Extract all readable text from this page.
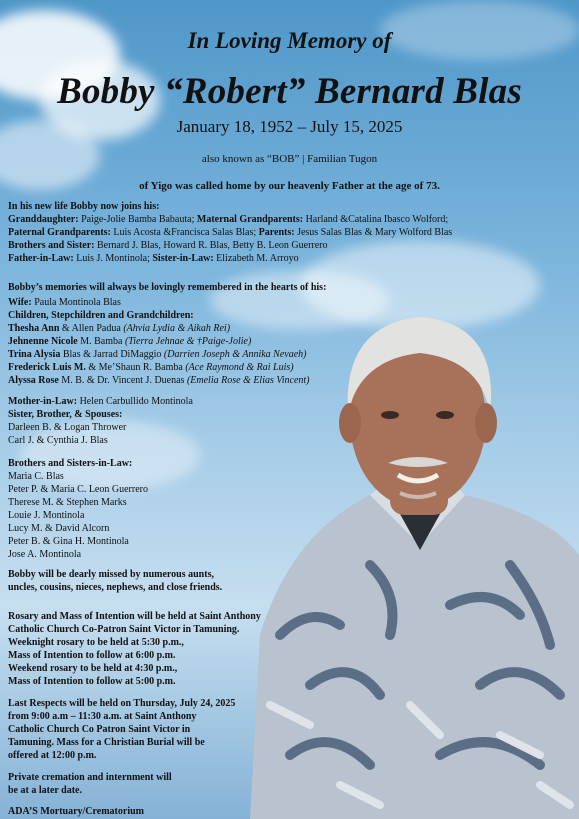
In Loving Memory of
Bobby “Robert” Bernard Blas
January 18, 1952 – July 15, 2025
also known as “BOB” | Familian Tugon
of Yigo was called home by our heavenly Father at the age of 73.
In his new life Bobby now joins his:
Granddaughter: Paige-Jolie Bamba Babauta; Maternal Grandparents: Harland &Catalina Ibasco Wolford;
Paternal Grandparents: Luis Acosta &Francisca Salas Blas; Parents: Jesus Salas Blas & Mary Wolford Blas
Brothers and Sister: Bernard J. Blas, Howard R. Blas, Betty B. Leon Guerrero
Father-in-Law: Luis J. Montinola; Sister-in-Law: Elizabeth M. Arroyo
Bobby’s memories will always be lovingly remembered in the hearts of his:
Wife: Paula Montinola Blas
Children, Stepchildren and Grandchildren:
Thesha Ann & Allen Padua (Ahvia Lydia & Aikah Rei)
Jehnenne Nicole M. Bamba (Tierra Jehnae & †Paige-Jolie)
Trina Alysia Blas & Jarrad DiMaggio (Darrien Joseph & Annika Nevaeh)
Frederick Luis M. & Me’Shaun R. Bamba (Ace Raymond & Rai Luis)
Alyssa Rose M. B. & Dr. Vincent J. Duenas (Emelia Rose & Elias Vincent)
Mother-in-Law: Helen Carbullido Montinola
Sister, Brother, & Spouses:
Darleen B. & Logan Thrower
Carl J. & Cynthia J. Blas
Brothers and Sisters-in-Law:
Maria C. Blas
Peter P. & Maria C. Leon Guerrero
Therese M. & Stephen Marks
Louie J. Montinola
Lucy M. & David Alcorn
Peter B. & Gina H. Montinola
Jose A. Montinola
Bobby will be dearly missed by numerous aunts,
uncles, cousins, nieces, nephews, and close friends.
Rosary and Mass of Intention will be held at Saint Anthony
Catholic Church Co-Patron Saint Victor in Tamuning.
Weeknight rosary to be held at 5:30 p.m.,
Mass of Intention to follow at 6:00 p.m.
Weekend rosary to be held at 4:30 p.m.,
Mass of Intention to follow at 5:00 p.m.
Last Respects will be held on Thursday, July 24, 2025
from 9:00 a.m – 11:30 a.m. at Saint Anthony
Catholic Church Co Patron Saint Victor in
Tamuning. Mass for a Christian Burial will be
offered at 12:00 p.m.
Private cremation and internment will
be at a later date.
ADA’S Mortuary/Crematorium
